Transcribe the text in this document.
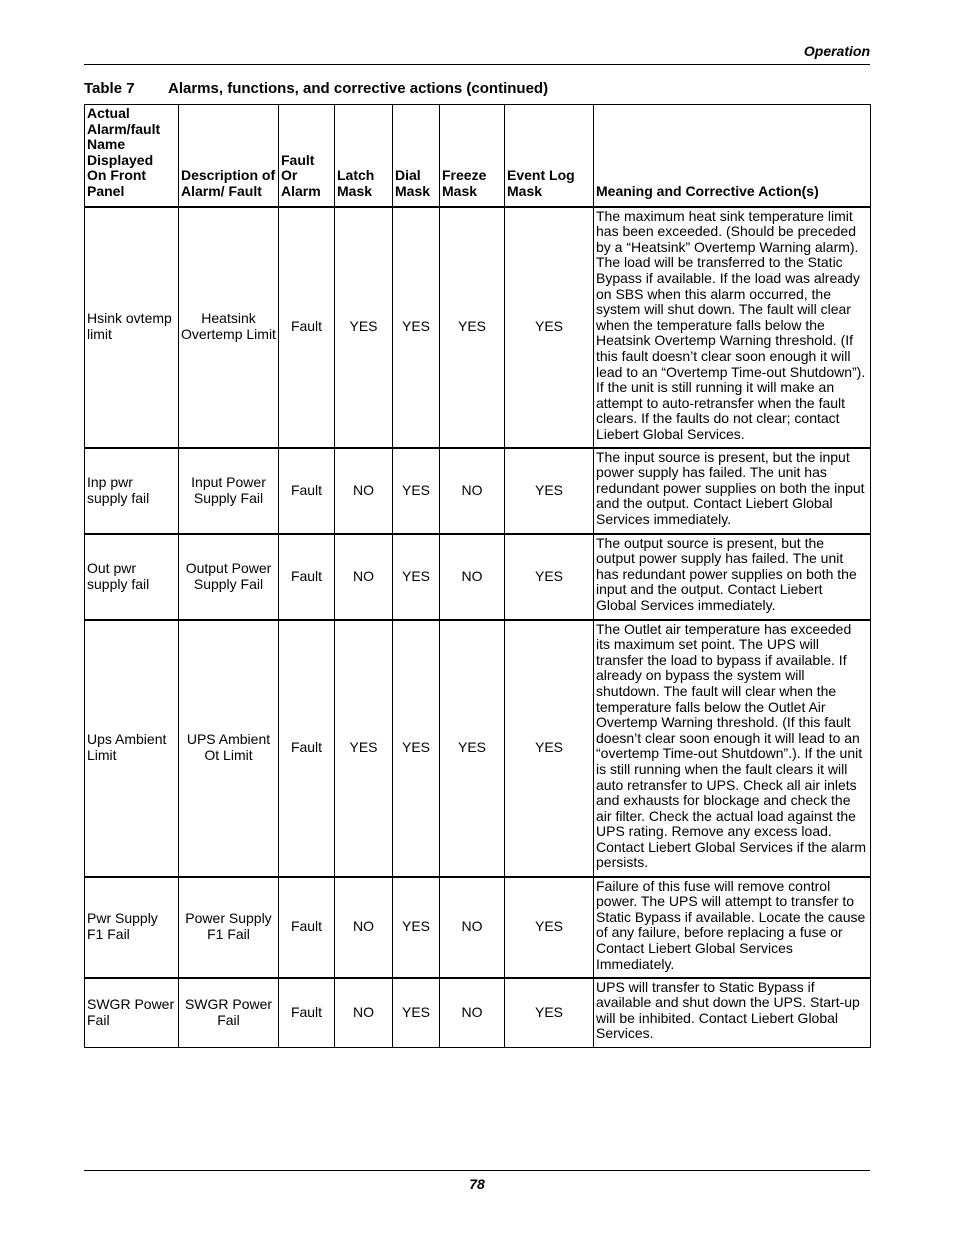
Operation
Table 7 Alarms, functions, and corrective actions (continued)
Actual Alarm/fault Name Displayed On Front Panel	Description of Alarm/ Fault	Fault Or Alarm	Latch Mask	Dial Mask	Freeze Mask	Event Log Mask	Meaning and Corrective Action(s)
Hsink ovtemp limit	Heatsink Overtemp Limit	Fault	YES	YES	YES	YES	The maximum heat sink temperature limit has been exceeded. (Should be preceded by a “Heatsink” Overtemp Warning alarm). The load will be transferred to the Static Bypass if available. If the load was already on SBS when this alarm occurred, the system will shut down. The fault will clear when the temperature falls below the Heatsink Overtemp Warning threshold. (If this fault doesn’t clear soon enough it will lead to an “Overtemp Time-out Shutdown”). If the unit is still running it will make an attempt to auto-retransfer when the fault clears. If the faults do not clear; contact Liebert Global Services.
Inp pwr supply fail	Input Power Supply Fail	Fault	NO	YES	NO	YES	The input source is present, but the input power supply has failed. The unit has redundant power supplies on both the input and the output. Contact Liebert Global Services immediately.
Out pwr supply fail	Output Power Supply Fail	Fault	NO	YES	NO	YES	The output source is present, but the output power supply has failed. The unit has redundant power supplies on both the input and the output. Contact Liebert Global Services immediately.
Ups Ambient Limit	UPS Ambient Ot Limit	Fault	YES	YES	YES	YES	The Outlet air temperature has exceeded its maximum set point. The UPS will transfer the load to bypass if available. If already on bypass the system will shutdown. The fault will clear when the temperature falls below the Outlet Air Overtemp Warning threshold. (If this fault doesn’t clear soon enough it will lead to an “overtemp Time-out Shutdown”.). If the unit is still running when the fault clears it will auto retransfer to UPS. Check all air inlets and exhausts for blockage and check the air filter. Check the actual load against the UPS rating. Remove any excess load. Contact Liebert Global Services if the alarm persists.
Pwr Supply F1 Fail	Power Supply F1 Fail	Fault	NO	YES	NO	YES	Failure of this fuse will remove control power. The UPS will attempt to transfer to Static Bypass if available. Locate the cause of any failure, before replacing a fuse or Contact Liebert Global Services Immediately.
SWGR Power Fail	SWGR Power Fail	Fault	NO	YES	NO	YES	UPS will transfer to Static Bypass if available and shut down the UPS. Start-up will be inhibited. Contact Liebert Global Services.
78
